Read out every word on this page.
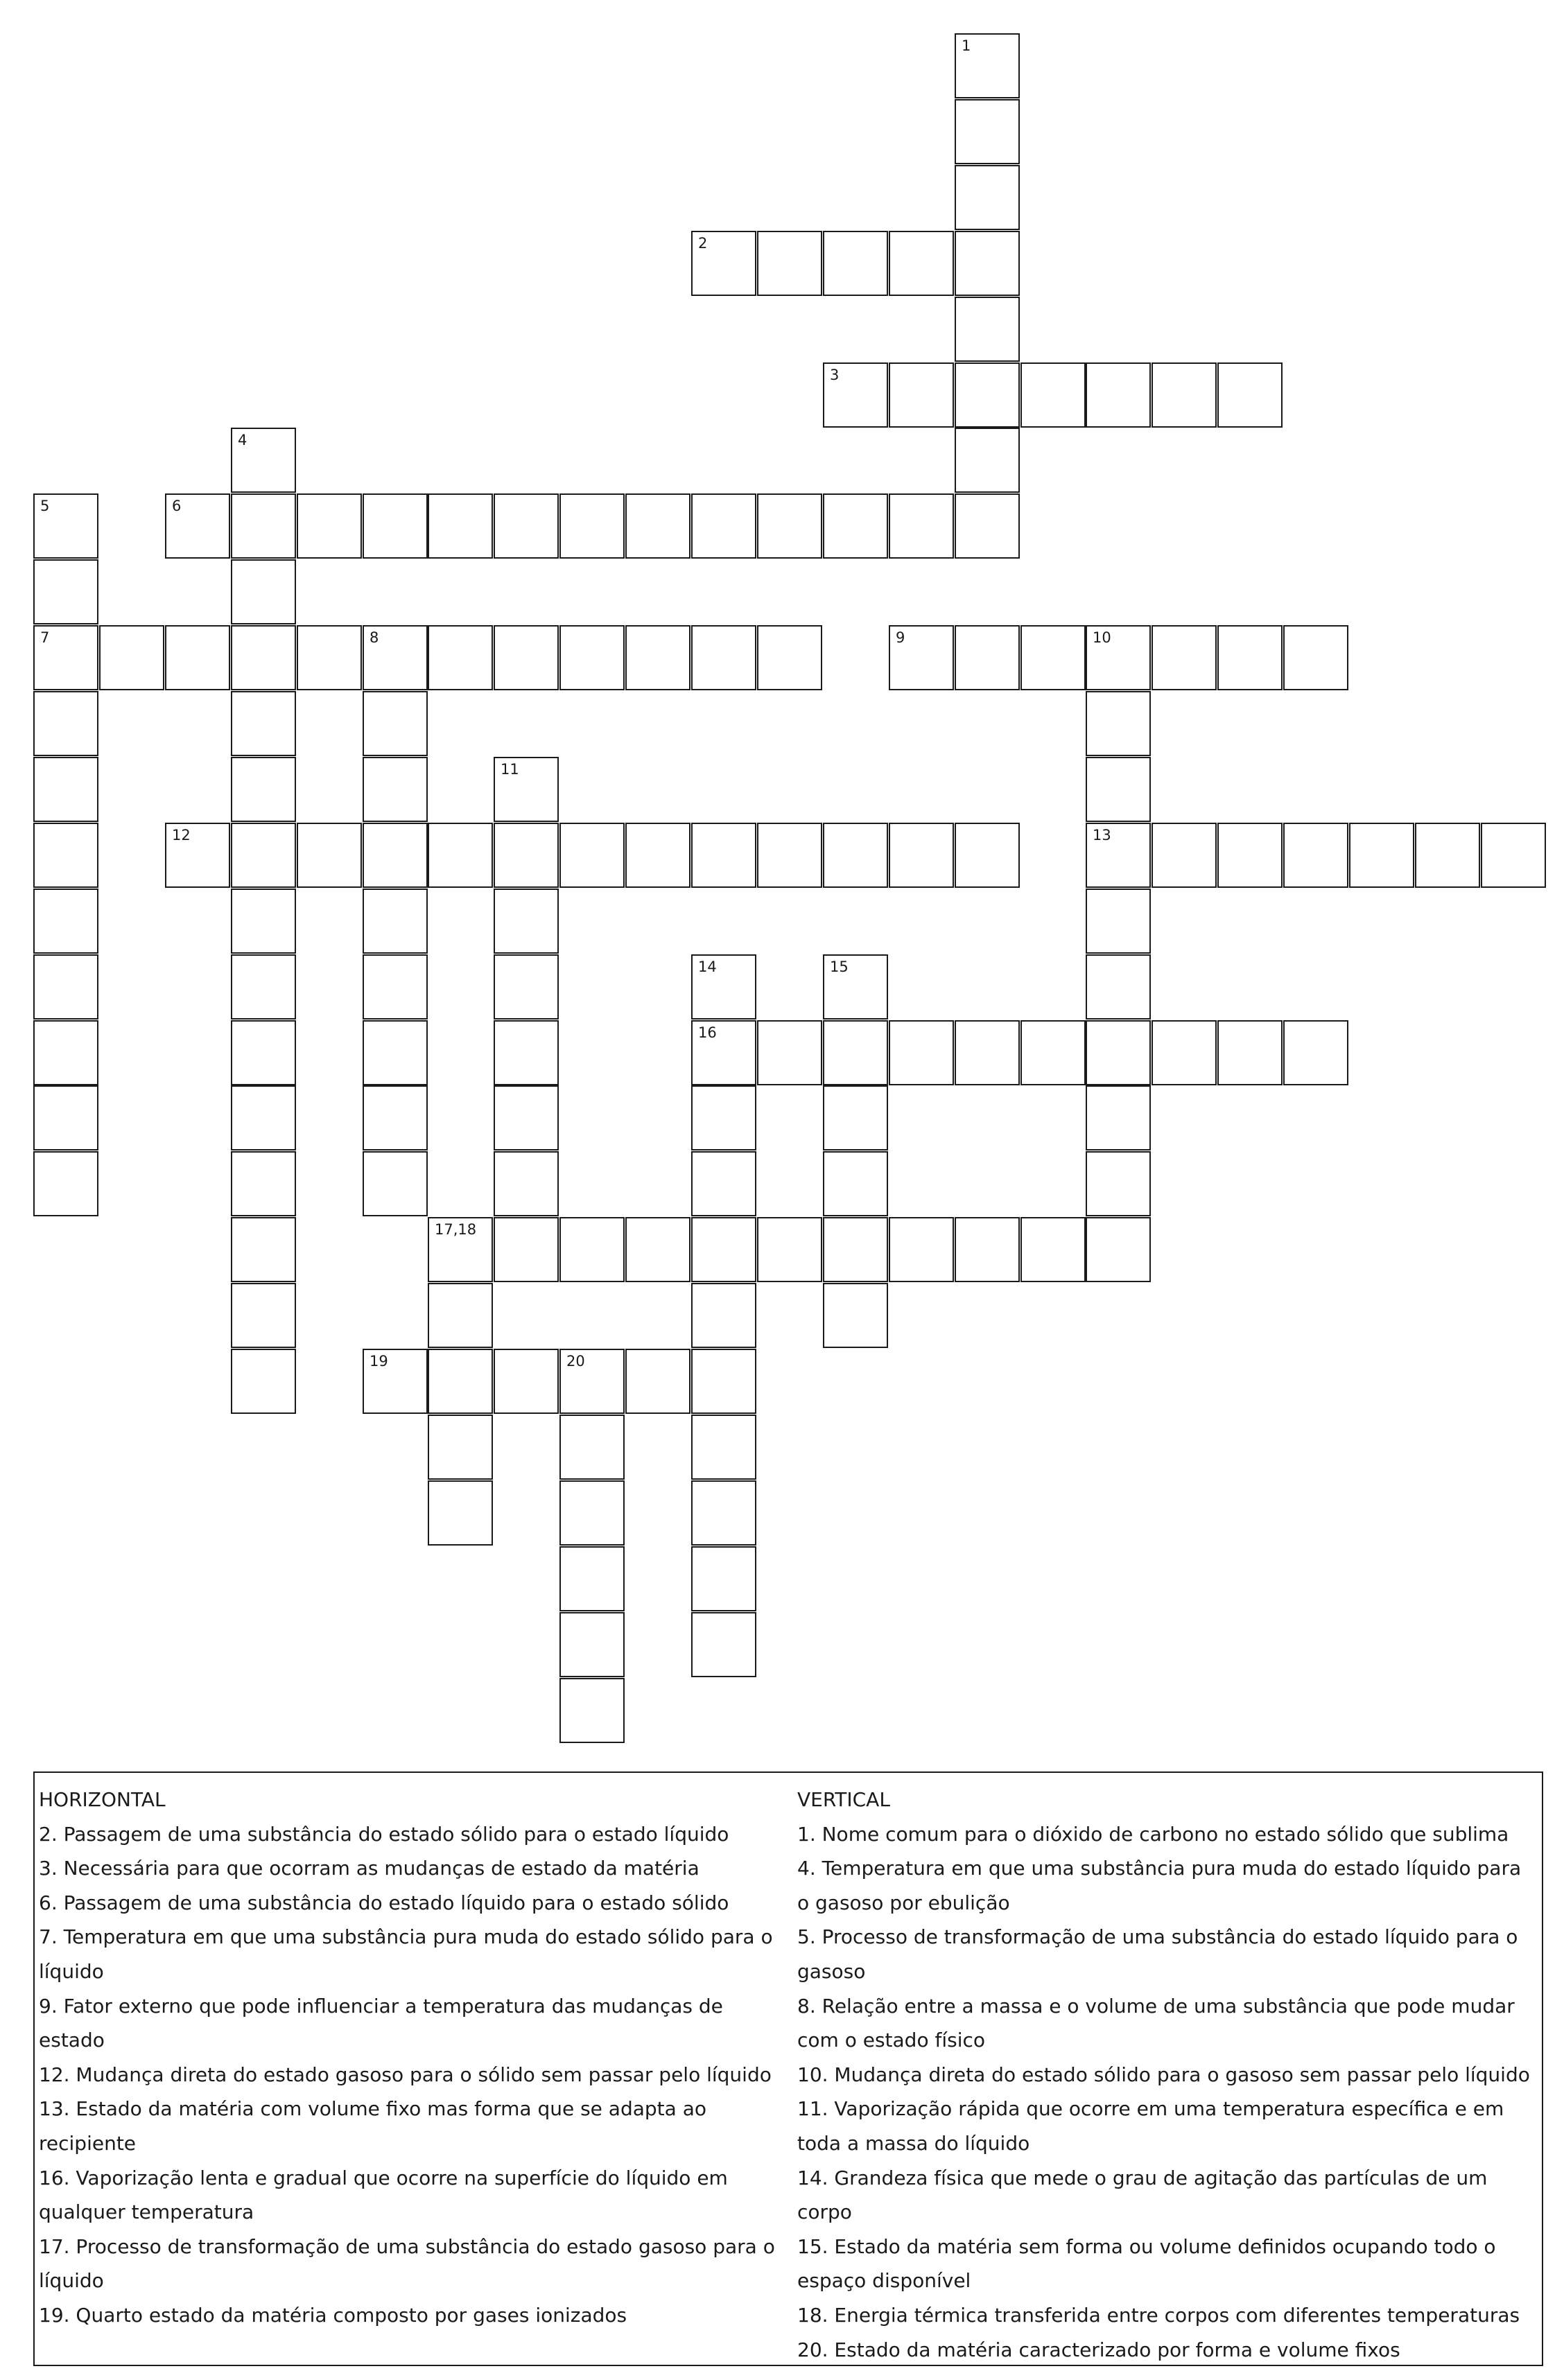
1
2
3
4
5
7
6
8	9	10
13
11
12
14
16
15
17,18
19	20
HORIZONTAL
2. Passagem de uma substância do estado sólido para o estado líquido
3. Necessária para que ocorram as mudanças de estado da matéria
6. Passagem de uma substância do estado líquido para o estado sólido
7. Temperatura em que uma substância pura muda do estado sólido para o líquido
9. Fator externo que pode influenciar a temperatura das mudanças de estado
12. Mudança direta do estado gasoso para o sólido sem passar pelo líquido
13. Estado da matéria com volume fixo mas forma que se adapta ao recipiente
16. Vaporização lenta e gradual que ocorre na superfície do líquido em qualquer temperatura
17. Processo de transformação de uma substância do estado gasoso para o líquido
19. Quarto estado da matéria composto por gases ionizados
VERTICAL
1. Nome comum para o dióxido de carbono no estado sólido que sublima
4. Temperatura em que uma substância pura muda do estado líquido para o gasoso por ebulição
5. Processo de transformação de uma substância do estado líquido para o gasoso
8. Relação entre a massa e o volume de uma substância que pode mudar com o estado físico
10. Mudança direta do estado sólido para o gasoso sem passar pelo líquido
11. Vaporização rápida que ocorre em uma temperatura específica e em toda a massa do líquido
14. Grandeza física que mede o grau de agitação das partículas de um corpo
15. Estado da matéria sem forma ou volume definidos ocupando todo o espaço disponível
18. Energia térmica transferida entre corpos com diferentes temperaturas
20. Estado da matéria caracterizado por forma e volume fixos
